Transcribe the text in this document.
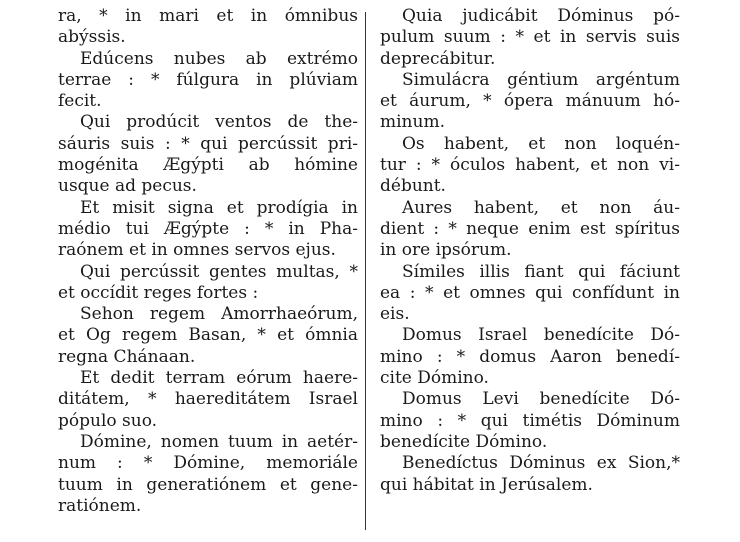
ra, * in mari et in ómnibus
abýssis.
Edúcens nubes ab extrémo
terrae : * fúlgura in plúviam
fecit.
Qui prodúcit ventos de the-
sáuris suis : * qui percússit pri-
mogénita Ægýpti ab hómine
usque ad pecus.
Et misit signa et prodígia in
médio tui Ægýpte : * in Pha-
raónem et in omnes servos ejus.
Qui percússit gentes multas, *
et occídit reges fortes :
Sehon regem Amorrhaeórum,
et Og regem Basan, * et ómnia
regna Chánaan.
Et dedit terram eórum haere-
ditátem, * haereditátem Israel
pópulo suo.
Dómine, nomen tuum in aetér-
num : * Dómine, memoriále
tuum in generatiónem et gene-
ratiónem.
Quia judicábit Dóminus pó-
pulum suum : * et in servis suis
deprecábitur.
Simulácra géntium argéntum
et áurum, * ópera mánuum hó-
minum.
Os habent, et non loquén-
tur : * óculos habent, et non vi-
débunt.
Aures habent, et non áu-
dient : * neque enim est spíritus
in ore ipsórum.
Símiles illis fiant qui fáciunt
ea : * et omnes qui confídunt in
eis.
Domus Israel benedícite Dó-
mino : * domus Aaron benedí-
cite Dómino.
Domus Levi benedícite Dó-
mino : * qui timétis Dóminum
benedícite Dómino.
Benedíctus Dóminus ex Sion,*
qui hábitat in Jerúsalem.
